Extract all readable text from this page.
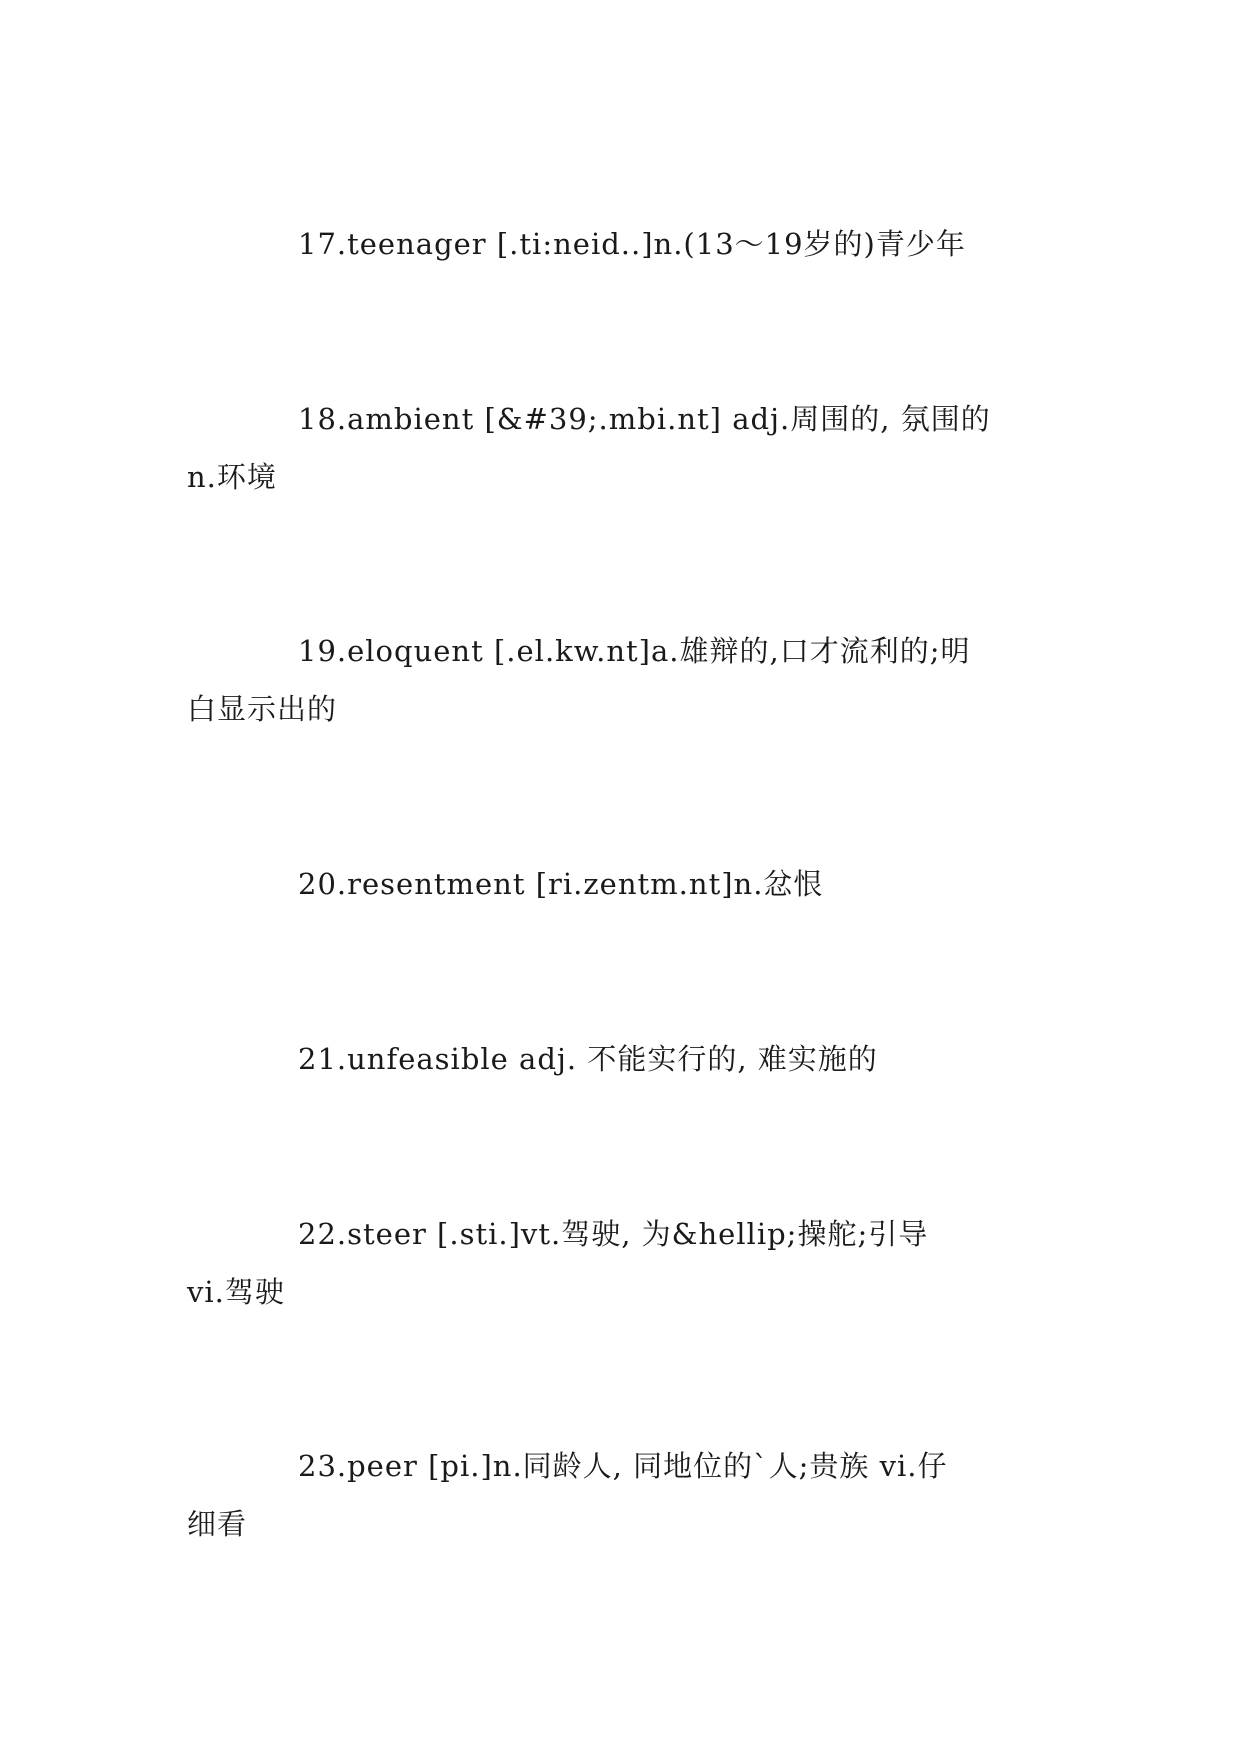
17.teenager [.ti:neid..]n.(13～19岁的)青少年
18.ambient [&#39;.mbi.nt] adj.周围的, 氛围的
n.环境
19.eloquent [.el.kw.nt]a.雄辩的,口才流利的;明
白显示出的
20.resentment [ri.zentm.nt]n.忿恨
21.unfeasible adj. 不能实行的, 难实施的
22.steer [.sti.]vt.驾驶, 为&hellip;操舵;引导
vi.驾驶
23.peer [pi.]n.同龄人, 同地位的`人;贵族 vi.仔
细看
